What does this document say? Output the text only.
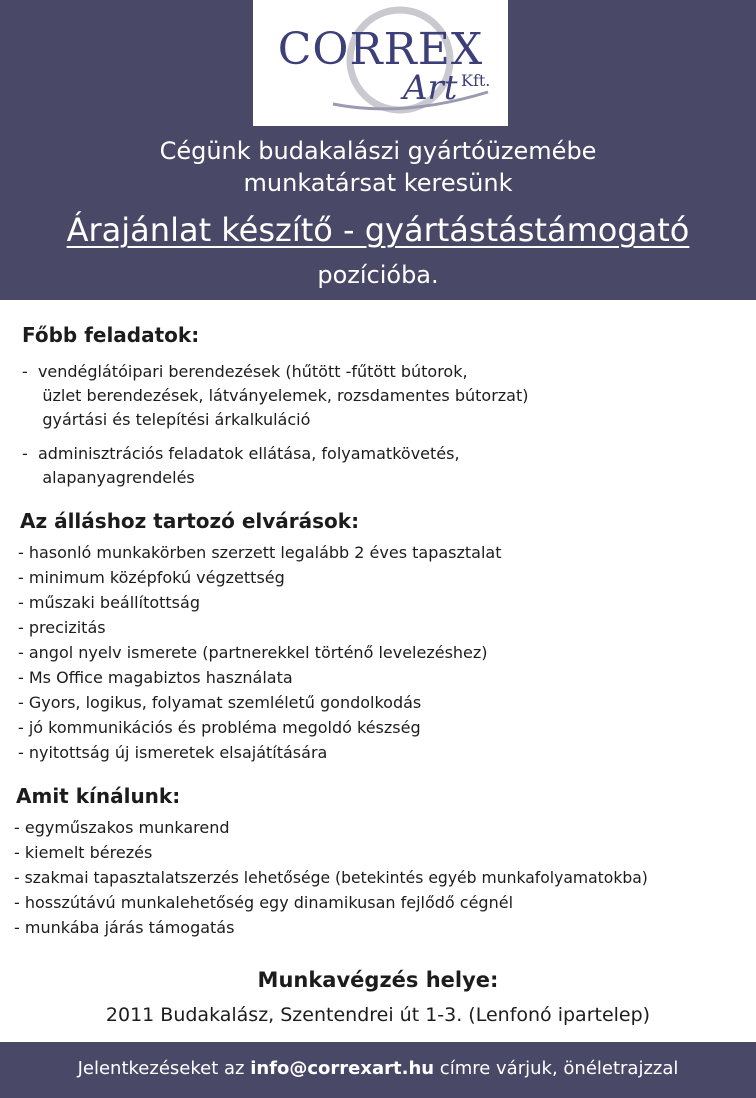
CORREX
Art Kft.
Cégünk budakalászi gyártóüzemébe
munkatársat keresünk
Árajánlat készítő - gyártástástámogató
pozícióba.
Főbb feladatok:
-  vendéglátóipari berendezések (hűtött -fűtött bútorok,
üzlet berendezések, látványelemek, rozsdamentes bútorzat)
gyártási és telepítési árkalkuláció
-  adminisztrációs feladatok ellátása, folyamatkövetés,
alapanyagrendelés
Az álláshoz tartozó elvárások:
- hasonló munkakörben szerzett legalább 2 éves tapasztalat
- minimum középfokú végzettség
- műszaki beállítottság
- precizitás
- angol nyelv ismerete (partnerekkel történő levelezéshez)
- Ms Office magabiztos használata
- Gyors, logikus, folyamat szemléletű gondolkodás
- jó kommunikációs és probléma megoldó készség
- nyitottság új ismeretek elsajátítására
Amit kínálunk:
- egyműszakos munkarend
- kiemelt bérezés
- szakmai tapasztalatszerzés lehetősége (betekintés egyéb munkafolyamatokba)
- hosszútávú munkalehetőség egy dinamikusan fejlődő cégnél
- munkába járás támogatás
Munkavégzés helye:
2011 Budakalász, Szentendrei út 1-3. (Lenfonó ipartelep)
Jelentkezéseket az info@correxart.hu címre várjuk, önéletrajzzal
